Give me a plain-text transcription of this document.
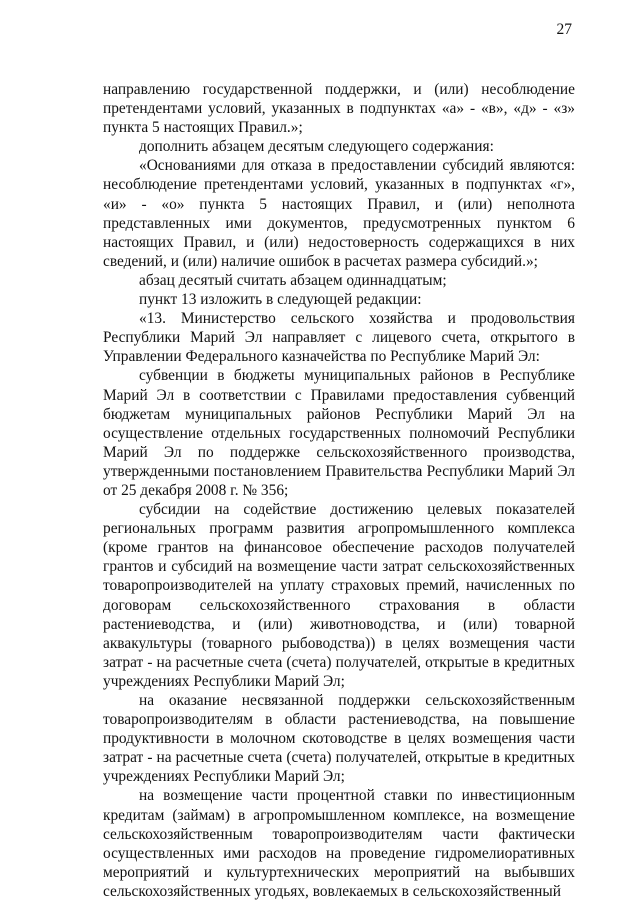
27

направлению государственной поддержки, и (или) несоблюдение претендентами условий, указанных в подпунктах «а» - «в», «д» - «з» пункта 5 настоящих Правил.»;

дополнить абзацем десятым следующего содержания:

«Основаниями для отказа в предоставлении субсидий являются: несоблюдение претендентами условий, указанных в подпунктах «г», «и» - «о» пункта 5 настоящих Правил, и (или) неполнота представленных ими документов, предусмотренных пунктом 6 настоящих Правил, и (или) недостоверность содержащихся в них сведений, и (или) наличие ошибок в расчетах размера субсидий.»;

абзац десятый считать абзацем одиннадцатым;

пункт 13 изложить в следующей редакции:

«13. Министерство сельского хозяйства и продовольствия Республики Марий Эл направляет с лицевого счета, открытого в Управлении Федерального казначейства по Республике Марий Эл:

субвенции в бюджеты муниципальных районов в Республике Марий Эл в соответствии с Правилами предоставления субвенций бюджетам муниципальных районов Республики Марий Эл на осуществление отдельных государственных полномочий Республики Марий Эл по поддержке сельскохозяйственного производства, утвержденными постановлением Правительства Республики Марий Эл от 25 декабря 2008 г. № 356;

субсидии на содействие достижению целевых показателей региональных программ развития агропромышленного комплекса (кроме грантов на финансовое обеспечение расходов получателей грантов и субсидий на возмещение части затрат сельскохозяйственных товаропроизводителей на уплату страховых премий, начисленных по договорам сельскохозяйственного страхования в области растениеводства, и (или) животноводства, и (или) товарной аквакультуры (товарного рыбоводства)) в целях возмещения части затрат - на расчетные счета (счета) получателей, открытые в кредитных учреждениях Республики Марий Эл;

на оказание несвязанной поддержки сельскохозяйственным товаропроизводителям в области растениеводства, на повышение продуктивности в молочном скотоводстве в целях возмещения части затрат - на расчетные счета (счета) получателей, открытые в кредитных учреждениях Республики Марий Эл;

на возмещение части процентной ставки по инвестиционным кредитам (займам) в агропромышленном комплексе, на возмещение сельскохозяйственным товаропроизводителям части фактически осуществленных ими расходов на проведение гидромелиоративных мероприятий и культуртехнических мероприятий на выбывших сельскохозяйственных угодьях, вовлекаемых в сельскохозяйственный
